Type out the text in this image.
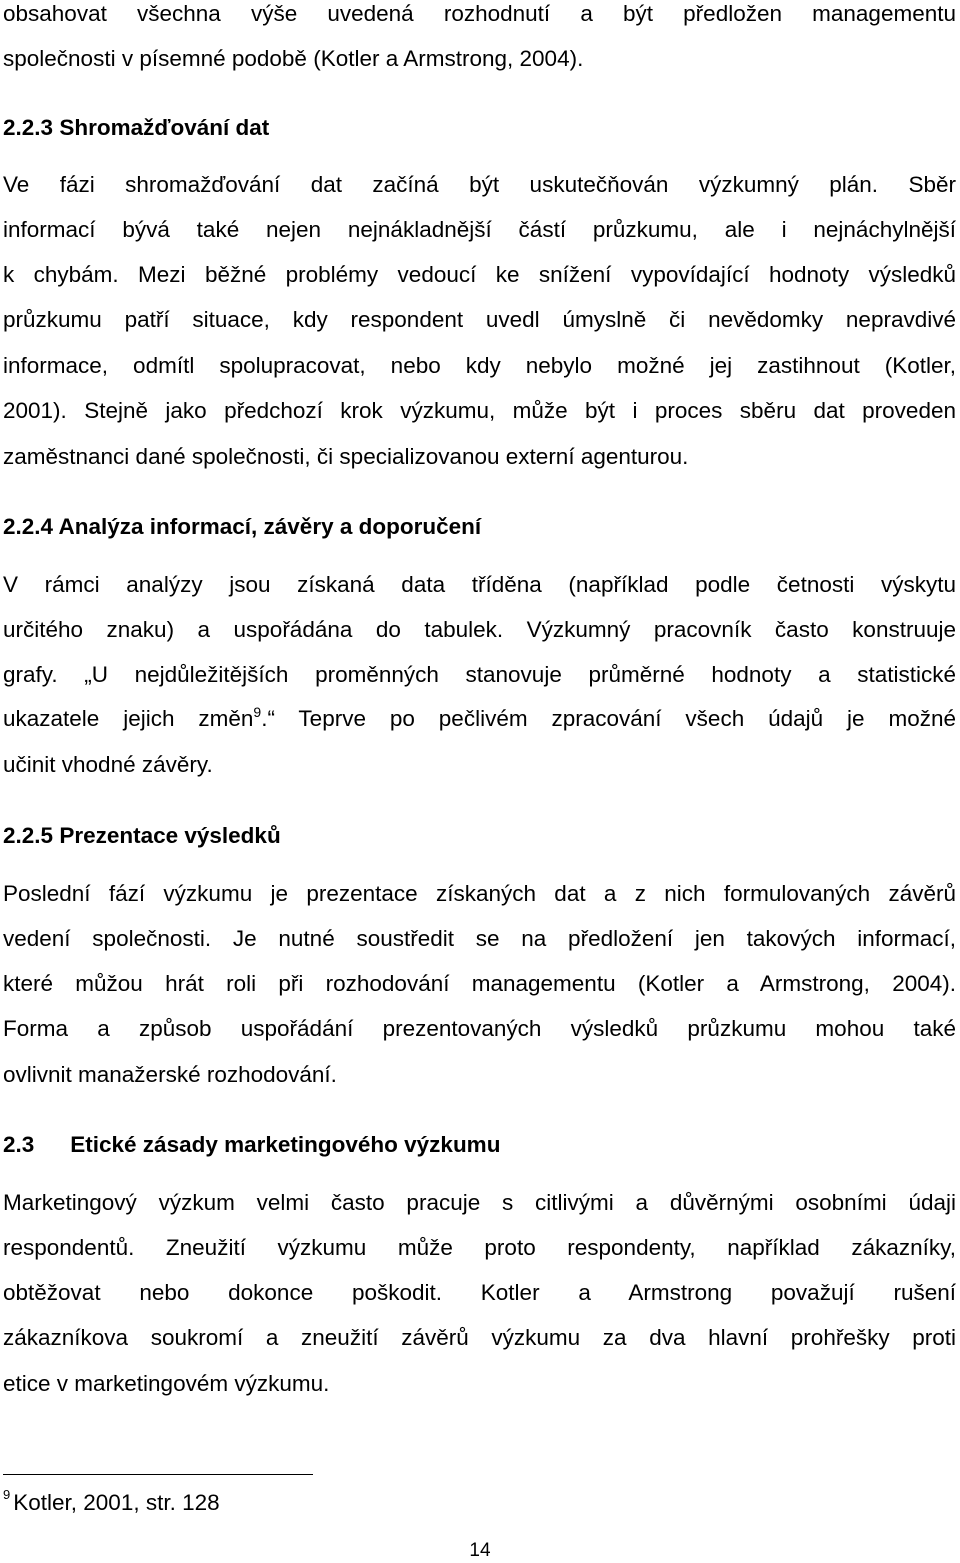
obsahovat všechna výše uvedená rozhodnutí a být předložen managementu
společnosti v písemné podobě (Kotler a Armstrong, 2004).
2.2.3 Shromažďování dat
Ve fázi shromažďování dat začíná být uskutečňován výzkumný plán. Sběr
informací bývá také nejen nejnákladnější částí průzkumu, ale i nejnáchylnější
k chybám. Mezi běžné problémy vedoucí ke snížení vypovídající hodnoty výsledků
průzkumu patří situace, kdy respondent uvedl úmyslně či nevědomky nepravdivé
informace, odmítl spolupracovat, nebo kdy nebylo možné jej zastihnout (Kotler,
2001). Stejně jako předchozí krok výzkumu, může být i proces sběru dat proveden
zaměstnanci dané společnosti, či specializovanou externí agenturou.
2.2.4 Analýza informací, závěry a doporučení
V rámci analýzy jsou získaná data tříděna (například podle četnosti výskytu
určitého znaku) a uspořádána do tabulek. Výzkumný pracovník často konstruuje
grafy. „U nejdůležitějších proměnných stanovuje průměrné hodnoty a statistické
ukazatele jejich změn$^9$.“ Teprve po pečlivém zpracování všech údajů je možné
učinit vhodné závěry.
2.2.5 Prezentace výsledků
Poslední fází výzkumu je prezentace získaných dat a z nich formulovaných závěrů
vedení společnosti. Je nutné soustředit se na předložení jen takových informací,
které můžou hrát roli při rozhodování managementu (Kotler a Armstrong, 2004).
Forma a způsob uspořádání prezentovaných výsledků průzkumu mohou také
ovlivnit manažerské rozhodování.
2.3 Etické zásady marketingového výzkumu
Marketingový výzkum velmi často pracuje s citlivými a důvěrnými osobními údaji
respondentů. Zneužití výzkumu může proto respondenty, například zákazníky,
obtěžovat nebo dokonce poškodit. Kotler a Armstrong považují rušení
zákazníkova soukromí a zneužití závěrů výzkumu za dva hlavní prohřešky proti
etice v marketingovém výzkumu.
$^9$ Kotler, 2001, str. 128
14
